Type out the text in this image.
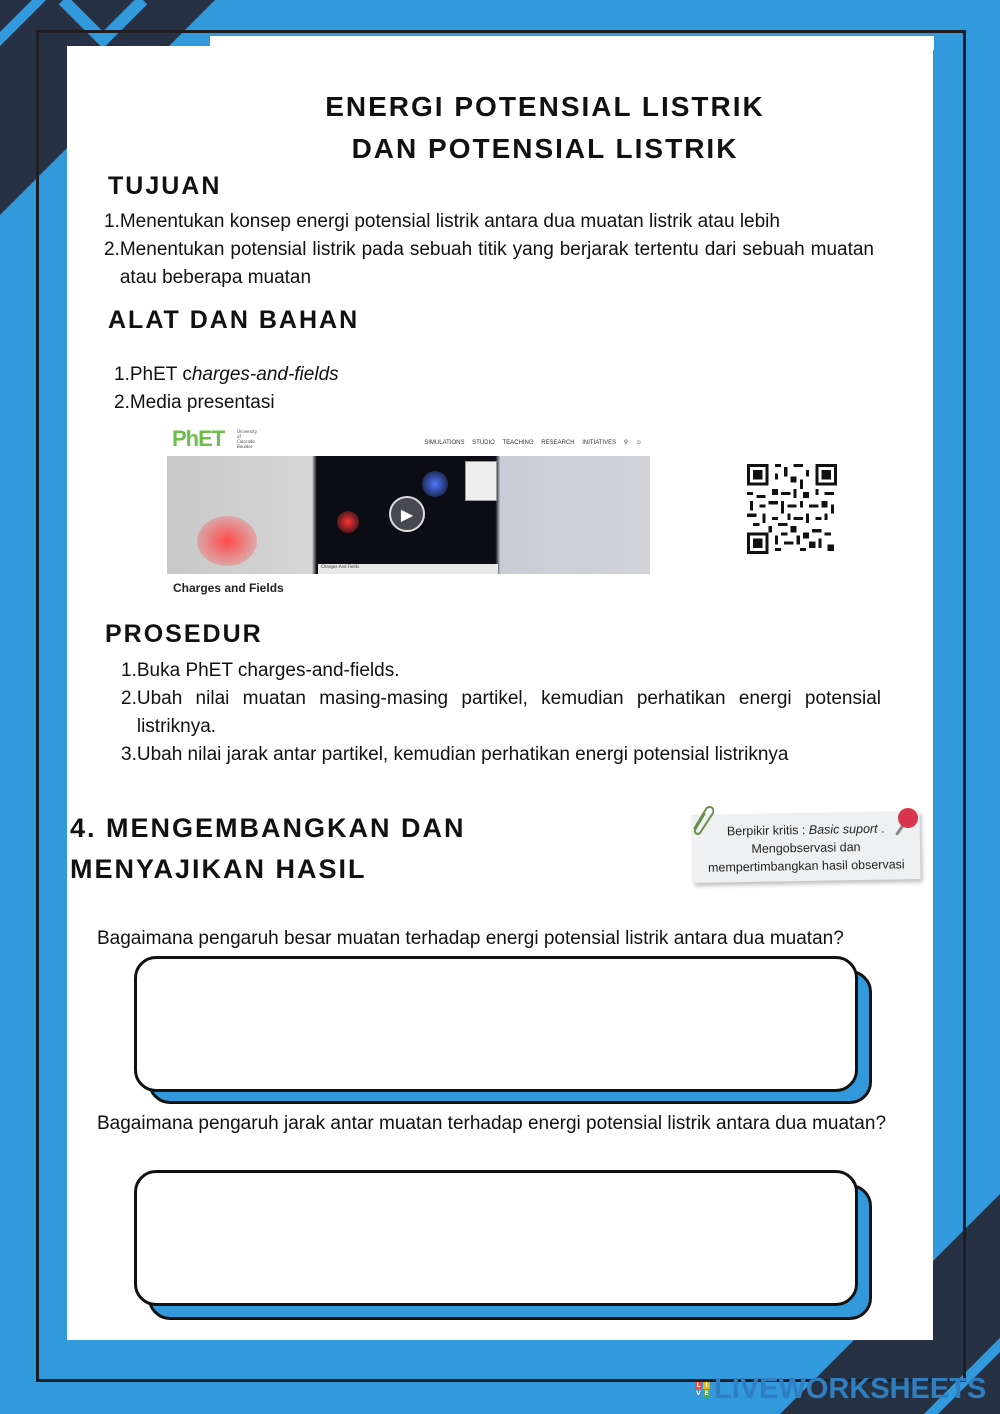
ENERGI POTENSIAL LISTRIK
DAN POTENSIAL LISTRIK
TUJUAN
1. Menentukan konsep energi potensial listrik antara dua muatan listrik atau lebih
2. Menentukan potensial listrik pada sebuah titik yang berjarak tertentu dari sebuah muatan atau beberapa muatan
ALAT DAN BAHAN
1. PhET charges-and-fields
2. Media presentasi
PhET	University of Colorado Boulder
SIMULATIONS STUDIO TEACHING RESEARCH INITIATIVES ⚲ ☺
▶
Charges And Fields
Charges and Fields
PROSEDUR
1. Buka PhET charges-and-fields.
2. Ubah nilai muatan masing-masing partikel, kemudian perhatikan energi potensial listriknya.
3. Ubah nilai jarak antar partikel, kemudian perhatikan energi potensial listriknya
4. MENGEMBANGKAN DAN
MENYAJIKAN HASIL
Berpikir kritis : Basic suport .
Mengobservasi dan
mempertimbangkan hasil observasi
Bagaimana pengaruh besar muatan terhadap energi potensial listrik antara dua muatan?
Bagaimana pengaruh jarak antar muatan terhadap energi potensial listrik antara dua muatan?
L I
V E LIVEWORKSHEETS
